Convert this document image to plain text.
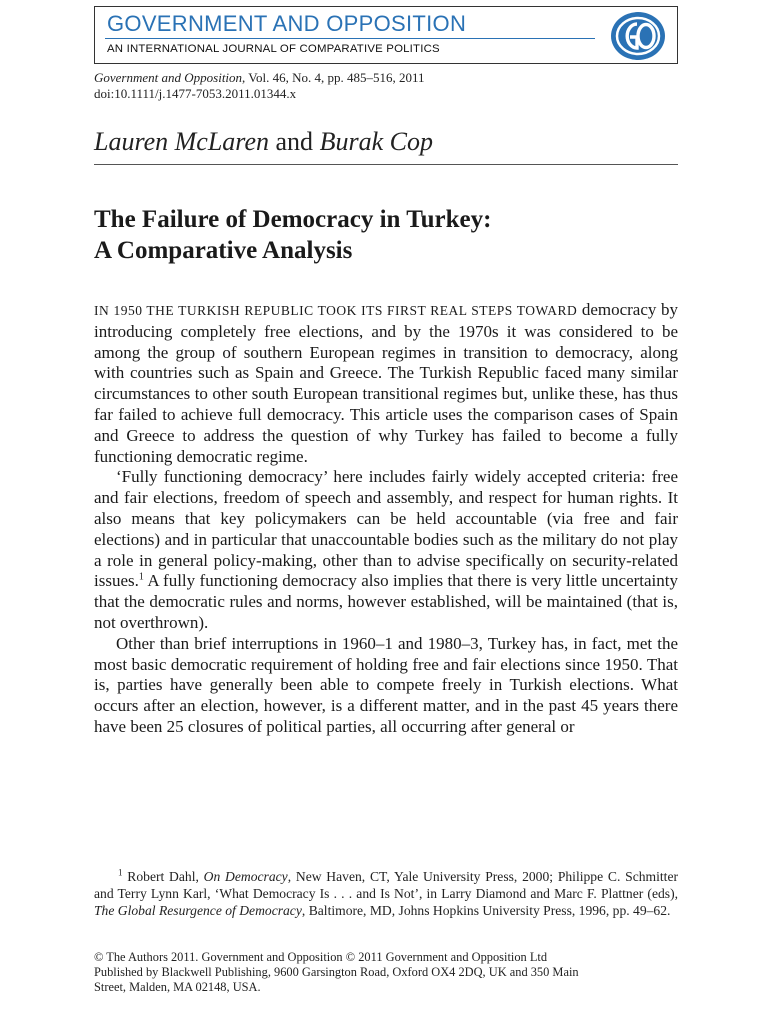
GOVERNMENT AND OPPOSITION

AN INTERNATIONAL JOURNAL OF COMPARATIVE POLITICS

Government and Opposition, Vol. 46, No. 4, pp. 485–516, 2011
doi:10.1111/j.1477-7053.2011.01344.x
Lauren McLaren and Burak Cop
The Failure of Democracy in Turkey:
A Comparative Analysis

IN 1950 THE TURKISH REPUBLIC TOOK ITS FIRST REAL STEPS TOWARD democracy by introducing completely free elections, and by the 1970s it was considered to be among the group of southern European regimes in transition to democracy, along with countries such as Spain and Greece. The Turkish Republic faced many similar circumstances to other south European transitional regimes but, unlike these, has thus far failed to achieve full democracy. This article uses the comparison cases of Spain and Greece to address the question of why Turkey has failed to become a fully functioning democratic regime.

‘Fully functioning democracy’ here includes fairly widely accepted criteria: free and fair elections, freedom of speech and assembly, and respect for human rights. It also means that key policymakers can be held accountable (via free and fair elections) and in particular that unaccountable bodies such as the military do not play a role in general policy-making, other than to advise specifically on security-related issues.$^1$ A fully functioning democracy also implies that there is very little uncertainty that the democratic rules and norms, however established, will be maintained (that is, not overthrown).

Other than brief interruptions in 1960–1 and 1980–3, Turkey has, in fact, met the most basic democratic requirement of holding free and fair elections since 1950. That is, parties have generally been able to compete freely in Turkish elections. What occurs after an election, however, is a different matter, and in the past 45 years there have been 25 closures of political parties, all occurring after general or

$^1$ Robert Dahl, On Democracy, New Haven, CT, Yale University Press, 2000; Philippe C. Schmitter and Terry Lynn Karl, ‘What Democracy Is . . . and Is Not’, in Larry Diamond and Marc F. Plattner (eds), The Global Resurgence of Democracy, Baltimore, MD, Johns Hopkins University Press, 1996, pp. 49–62.
© The Authors 2011. Government and Opposition © 2011 Government and Opposition Ltd
Published by Blackwell Publishing, 9600 Garsington Road, Oxford OX4 2DQ, UK and 350 Main
Street, Malden, MA 02148, USA.
